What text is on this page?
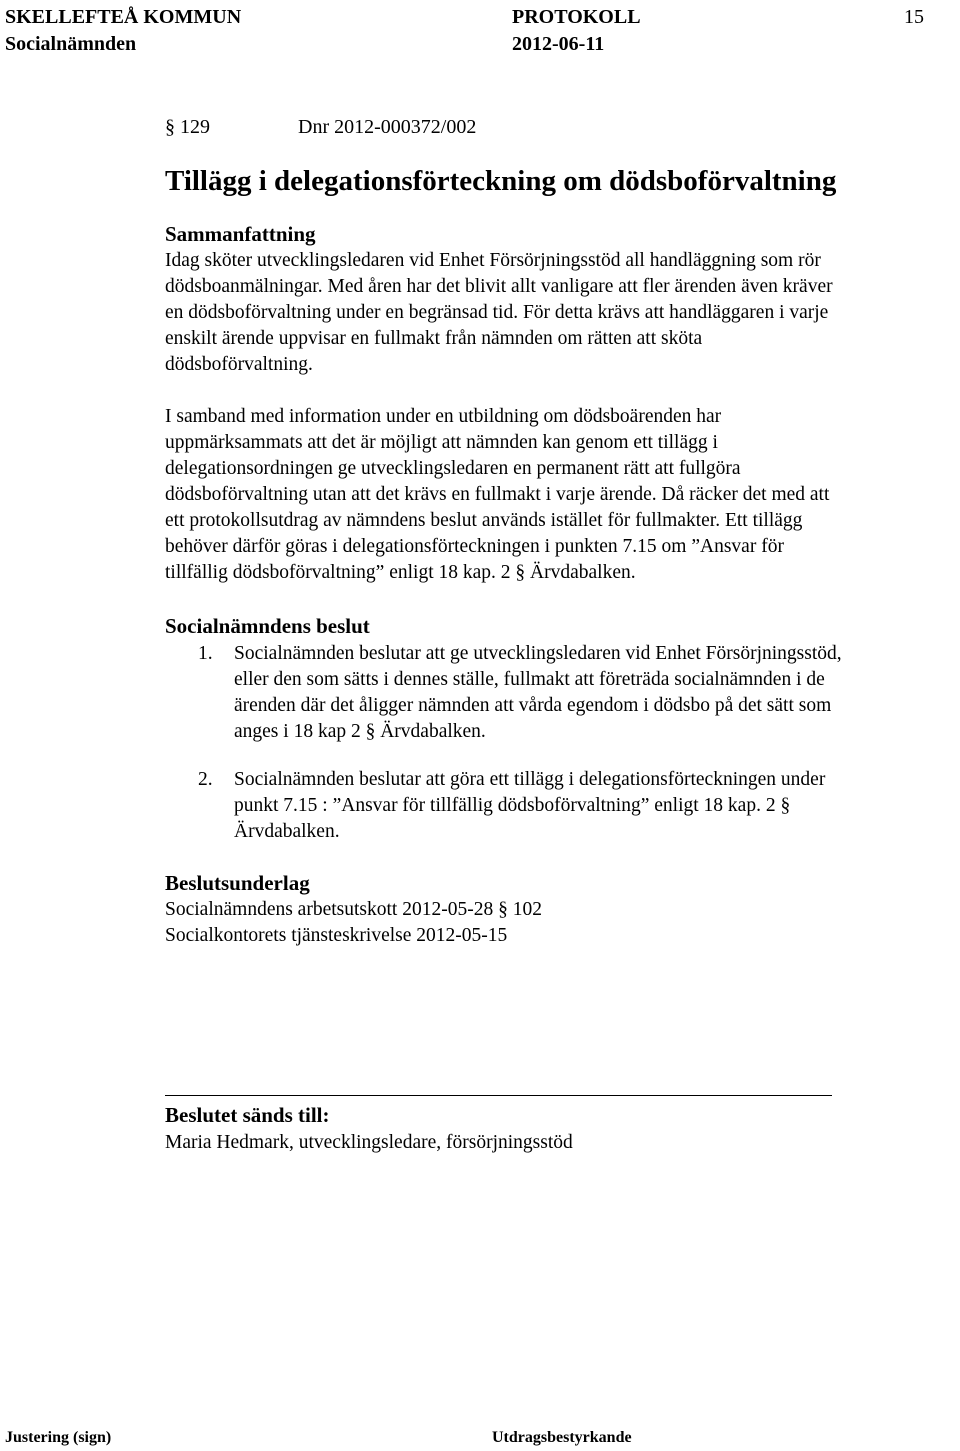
SKELLEFTEÅ KOMMUN	PROTOKOLL	15
Socialnämnden	2012-06-11
§ 129	Dnr 2012-000372/002
Tillägg i delegationsförteckning om dödsboförvaltning
Sammanfattning
Idag sköter utvecklingsledaren vid Enhet Försörjningsstöd all handläggning som rör
dödsboanmälningar. Med åren har det blivit allt vanligare att fler ärenden även kräver
en dödsboförvaltning under en begränsad tid. För detta krävs att handläggaren i varje
enskilt ärende uppvisar en fullmakt från nämnden om rätten att sköta
dödsboförvaltning.
I samband med information under en utbildning om dödsboärenden har
uppmärksammats att det är möjligt att nämnden kan genom ett tillägg i
delegationsordningen ge utvecklingsledaren en permanent rätt att fullgöra
dödsboförvaltning utan att det krävs en fullmakt i varje ärende. Då räcker det med att
ett protokollsutdrag av nämndens beslut används istället för fullmakter. Ett tillägg
behöver därför göras i delegationsförteckningen i punkten 7.15 om ”Ansvar för
tillfällig dödsboförvaltning” enligt 18 kap. 2 § Ärvdabalken.
Socialnämndens beslut
1. Socialnämnden beslutar att ge utvecklingsledaren vid Enhet Försörjningsstöd,
eller den som sätts i dennes ställe, fullmakt att företräda socialnämnden i de
ärenden där det åligger nämnden att vårda egendom i dödsbo på det sätt som
anges i 18 kap 2 § Ärvdabalken.
2. Socialnämnden beslutar att göra ett tillägg i delegationsförteckningen under
punkt 7.15 : ”Ansvar för tillfällig dödsboförvaltning” enligt 18 kap. 2 §
Ärvdabalken.
Beslutsunderlag
Socialnämndens arbetsutskott 2012-05-28 § 102
Socialkontorets tjänsteskrivelse 2012-05-15
Beslutet sänds till:
Maria Hedmark, utvecklingsledare, försörjningsstöd
Justering (sign)	Utdragsbestyrkande
